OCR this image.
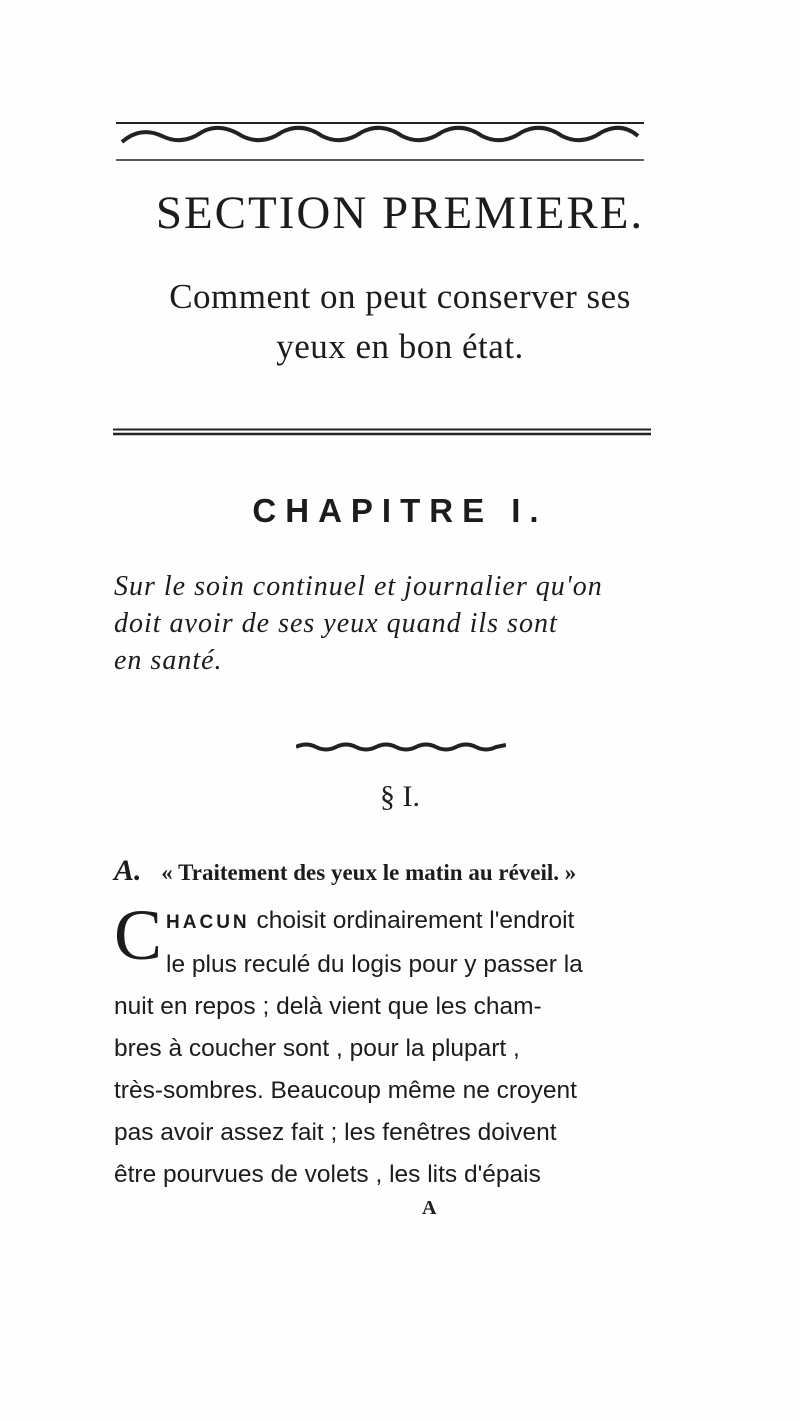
SECTION PREMIERE.
Comment on peut conserver ses
yeux en bon état.
CHAPITRE I.
Sur le soin continuel et journalier qu'on
doit avoir de ses yeux quand ils sont
en santé.

§ I.

A. « Traitement des yeux le matin au réveil. »

C HACUN choisit ordinairement l'endroit
le plus reculé du logis pour y passer la
nuit en repos ; delà vient que les cham-
bres à coucher sont , pour la plupart ,
très-sombres. Beaucoup même ne croyent
pas avoir assez fait ; les fenêtres doivent
être pourvues de volets , les lits d'épais

A
